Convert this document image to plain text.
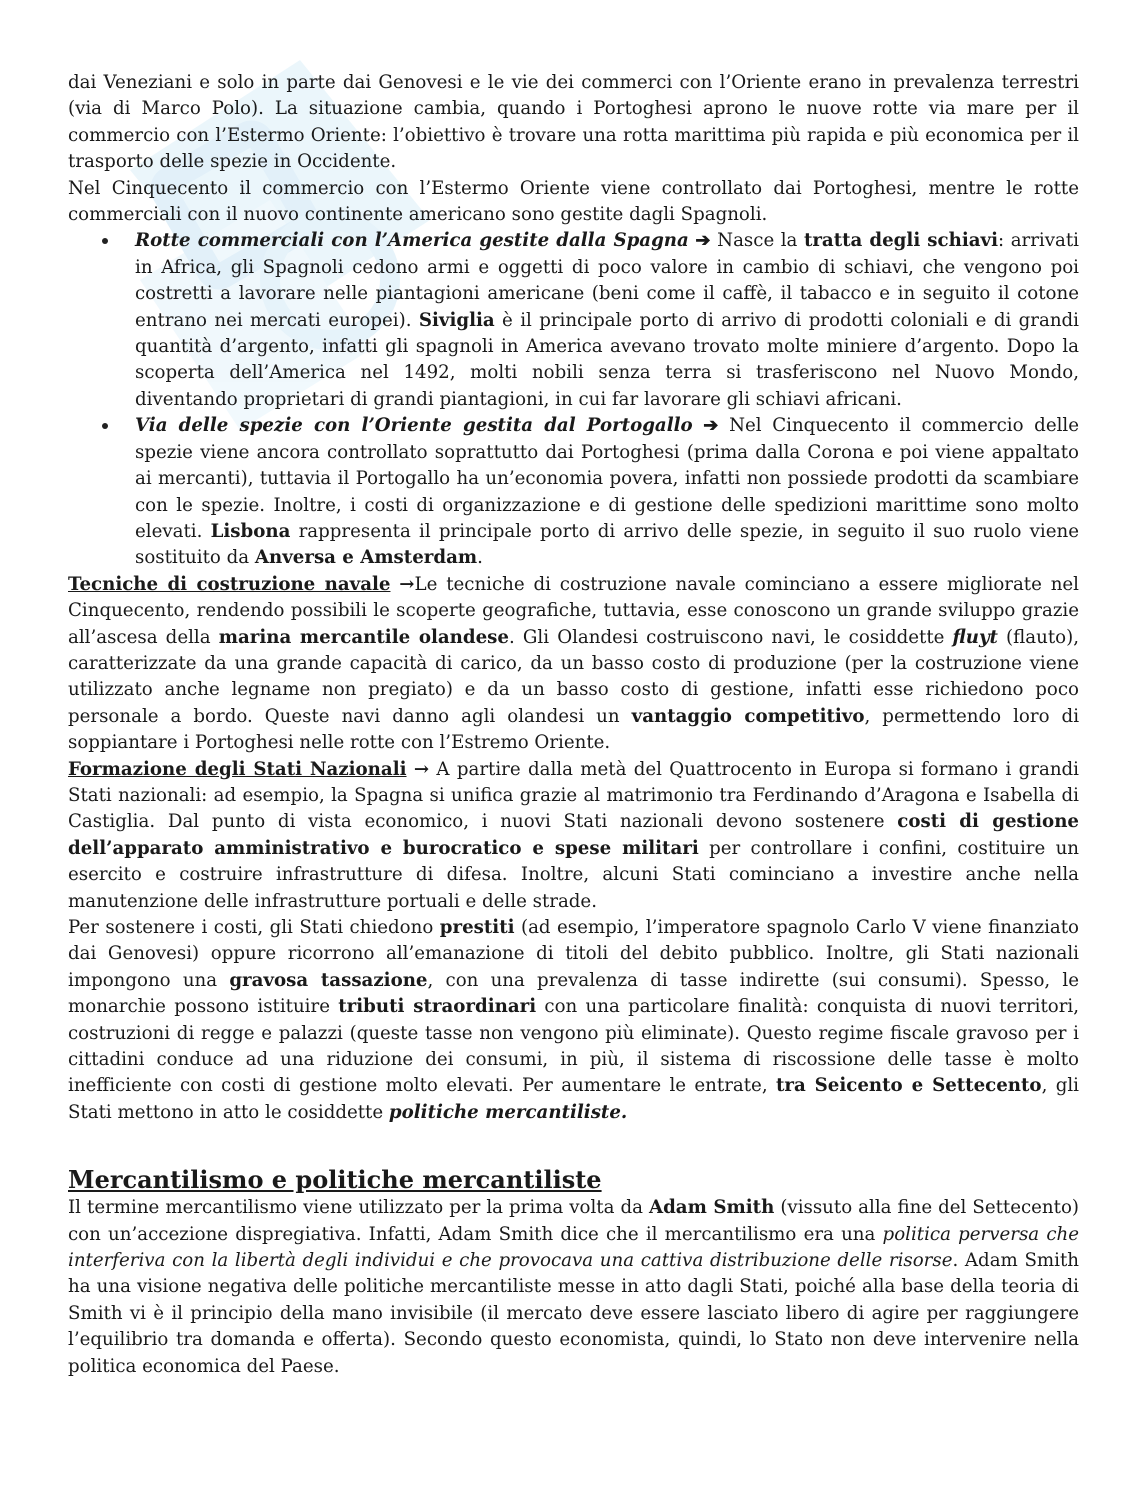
dai Veneziani e solo in parte dai Genovesi e le vie dei commerci con l’Oriente erano in prevalenza terrestri (via di Marco Polo). La situazione cambia, quando i Portoghesi aprono le nuove rotte via mare per il commercio con l’Estermo Oriente: l’obiettivo è trovare una rotta marittima più rapida e più economica per il trasporto delle spezie in Occidente.

Nel Cinquecento il commercio con l’Estermo Oriente viene controllato dai Portoghesi, mentre le rotte commerciali con il nuovo continente americano sono gestite dagli Spagnoli.

Rotte commerciali con l’America gestite dalla Spagna ➔ Nasce la tratta degli schiavi: arrivati in Africa, gli Spagnoli cedono armi e oggetti di poco valore in cambio di schiavi, che vengono poi costretti a lavorare nelle piantagioni americane (beni come il caffè, il tabacco e in seguito il cotone entrano nei mercati europei). Siviglia è il principale porto di arrivo di prodotti coloniali e di grandi quantità d’argento, infatti gli spagnoli in America avevano trovato molte miniere d’argento. Dopo la scoperta dell’America nel 1492, molti nobili senza terra si trasferiscono nel Nuovo Mondo, diventando proprietari di grandi piantagioni, in cui far lavorare gli schiavi africani.
Via delle spezie con l’Oriente gestita dal Portogallo ➔ Nel Cinquecento il commercio delle spezie viene ancora controllato soprattutto dai Portoghesi (prima dalla Corona e poi viene appaltato ai mercanti), tuttavia il Portogallo ha un’economia povera, infatti non possiede prodotti da scambiare con le spezie. Inoltre, i costi di organizzazione e di gestione delle spedizioni marittime sono molto elevati. Lisbona rappresenta il principale porto di arrivo delle spezie, in seguito il suo ruolo viene sostituito da Anversa e Amsterdam.

Tecniche di costruzione navale →Le tecniche di costruzione navale cominciano a essere migliorate nel Cinquecento, rendendo possibili le scoperte geografiche, tuttavia, esse conoscono un grande sviluppo grazie all’ascesa della marina mercantile olandese. Gli Olandesi costruiscono navi, le cosiddette fluyt (flauto), caratterizzate da una grande capacità di carico, da un basso costo di produzione (per la costruzione viene utilizzato anche legname non pregiato) e da un basso costo di gestione, infatti esse richiedono poco personale a bordo. Queste navi danno agli olandesi un vantaggio competitivo, permettendo loro di soppiantare i Portoghesi nelle rotte con l’Estremo Oriente.

Formazione degli Stati Nazionali → A partire dalla metà del Quattrocento in Europa si formano i grandi Stati nazionali: ad esempio, la Spagna si unifica grazie al matrimonio tra Ferdinando d’Aragona e Isabella di Castiglia. Dal punto di vista economico, i nuovi Stati nazionali devono sostenere costi di gestione dell’apparato amministrativo e burocratico e spese militari per controllare i confini, costituire un esercito e costruire infrastrutture di difesa. Inoltre, alcuni Stati cominciano a investire anche nella manutenzione delle infrastrutture portuali e delle strade.

Per sostenere i costi, gli Stati chiedono prestiti (ad esempio, l’imperatore spagnolo Carlo V viene finanziato dai Genovesi) oppure ricorrono all’emanazione di titoli del debito pubblico. Inoltre, gli Stati nazionali impongono una gravosa tassazione, con una prevalenza di tasse indirette (sui consumi). Spesso, le monarchie possono istituire tributi straordinari con una particolare finalità: conquista di nuovi territori, costruzioni di regge e palazzi (queste tasse non vengono più eliminate). Questo regime fiscale gravoso per i cittadini conduce ad una riduzione dei consumi, in più, il sistema di riscossione delle tasse è molto inefficiente con costi di gestione molto elevati. Per aumentare le entrate, tra Seicento e Settecento, gli Stati mettono in atto le cosiddette politiche mercantiliste.

Mercantilismo e politiche mercantiliste

Il termine mercantilismo viene utilizzato per la prima volta da Adam Smith (vissuto alla fine del Settecento) con un’accezione dispregiativa. Infatti, Adam Smith dice che il mercantilismo era una politica perversa che interferiva con la libertà degli individui e che provocava una cattiva distribuzione delle risorse. Adam Smith ha una visione negativa delle politiche mercantiliste messe in atto dagli Stati, poiché alla base della teoria di Smith vi è il principio della mano invisibile (il mercato deve essere lasciato libero di agire per raggiungere l’equilibrio tra domanda e offerta). Secondo questo economista, quindi, lo Stato non deve intervenire nella politica economica del Paese.
